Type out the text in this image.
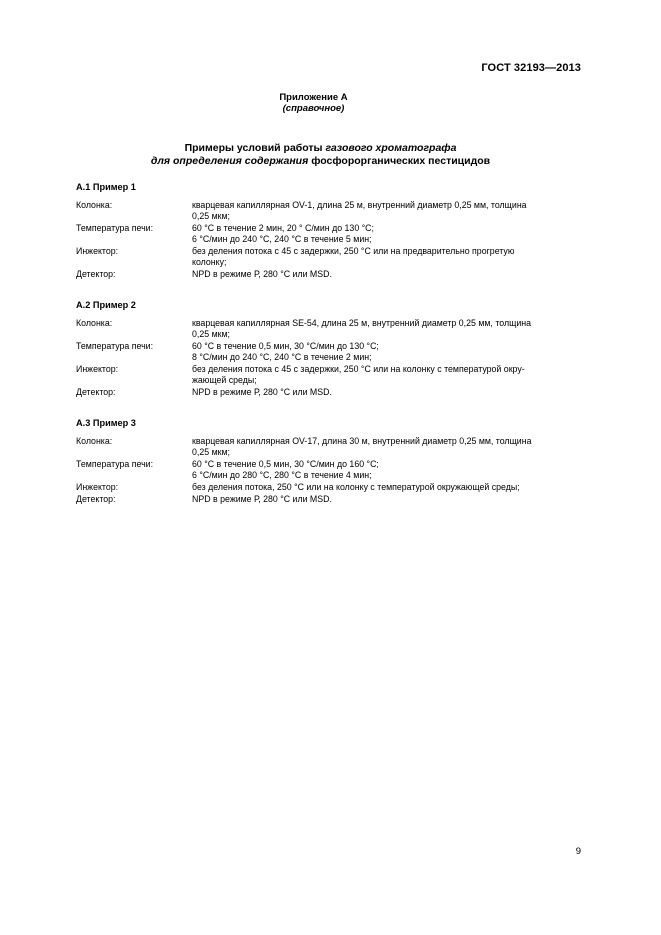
ГОСТ 32193—2013
Приложение А
(справочное)
Примеры условий работы газового хроматографа
для определения содержания фосфорорганических пестицидов
А.1 Пример 1
Колонка:	кварцевая капиллярная OV-1, длина 25 м, внутренний диаметр 0,25 мм, толщина
0,25 мкм;
Температура печи:	60 °С в течение 2 мин, 20 ° С/мин до 130 °С;
6 °С/мин до 240 °С, 240 °С в течение 5 мин;
Инжектор:	без деления потока с 45 с задержки, 250 °С или на предварительно прогретую
колонку;
Детектор:	NPD в режиме Р, 280 °С или MSD.
А.2 Пример 2
Колонка:	кварцевая капиллярная SE-54, длина 25 м, внутренний диаметр 0,25 мм, толщина
0,25 мкм;
Температура печи:	60 °С в течение 0,5 мин, 30 °С/мин до 130 °С;
8 °С/мин до 240 °С, 240 °С в течение 2 мин;
Инжектор:	без деления потока с 45 с задержки, 250 °С или на колонку с температурой окру-
жающей среды;
Детектор:	NPD в режиме Р, 280 °С или MSD.
А.3 Пример 3
Колонка:	кварцевая капиллярная OV-17, длина 30 м, внутренний диаметр 0,25 мм, толщина
0,25 мкм;
Температура печи:	60 °С в течение 0,5 мин, 30 °С/мин до 160 °С;
6 °С/мин до 280 °С, 280 °С в течение 4 мин;
Инжектор:	без деления потока, 250 °С или на колонку с температурой окружающей среды;
Детектор:	NPD в режиме Р, 280 °С или MSD.
9
